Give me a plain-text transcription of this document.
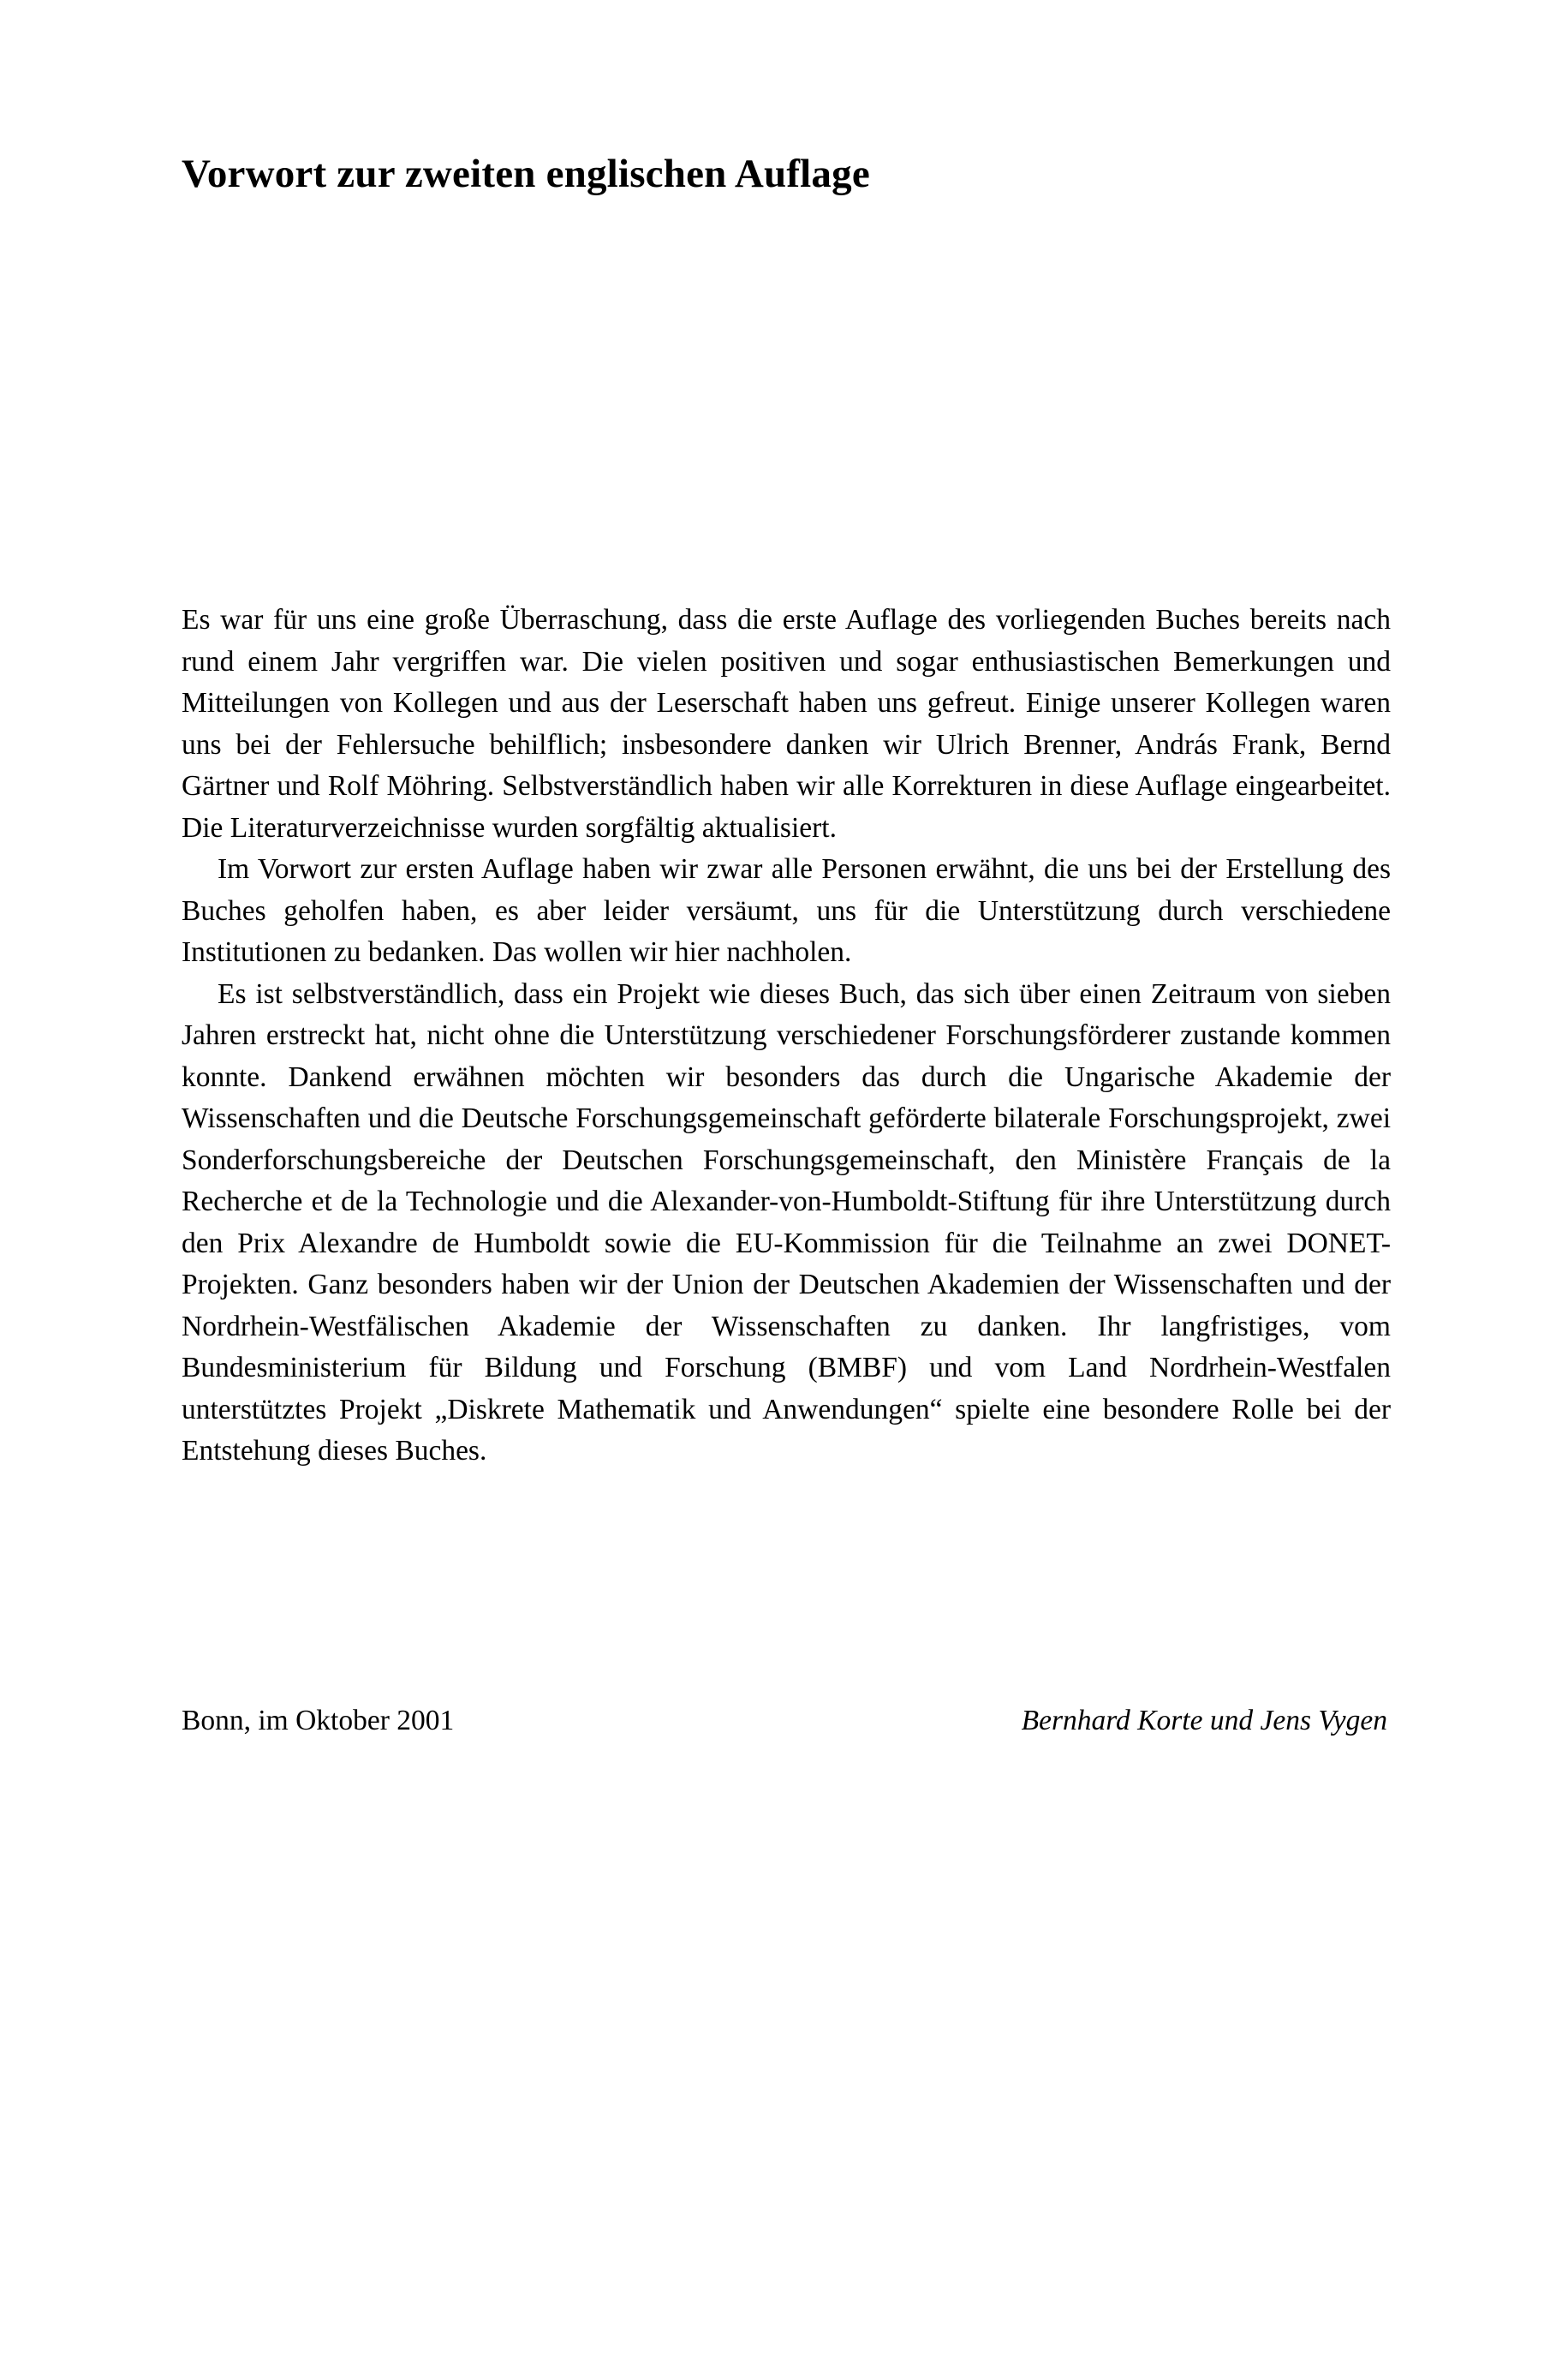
Vorwort zur zweiten englischen Auflage

Es war für uns eine große Überraschung, dass die erste Auflage des vorliegenden Buches bereits nach rund einem Jahr vergriffen war. Die vielen positiven und sogar enthusiastischen Bemerkungen und Mitteilungen von Kollegen und aus der Leserschaft haben uns gefreut. Einige unserer Kollegen waren uns bei der Fehlersuche behilflich; insbesondere danken wir Ulrich Brenner, András Frank, Bernd Gärtner und Rolf Möhring. Selbstverständlich haben wir alle Korrekturen in diese Auflage eingearbeitet. Die Literaturverzeichnisse wurden sorgfältig aktualisiert.

Im Vorwort zur ersten Auflage haben wir zwar alle Personen erwähnt, die uns bei der Erstellung des Buches geholfen haben, es aber leider versäumt, uns für die Unterstützung durch verschiedene Institutionen zu bedanken. Das wollen wir hier nachholen.

Es ist selbstverständlich, dass ein Projekt wie dieses Buch, das sich über einen Zeitraum von sieben Jahren erstreckt hat, nicht ohne die Unterstützung verschiedener Forschungsförderer zustande kommen konnte. Dankend erwähnen möchten wir besonders das durch die Ungarische Akademie der Wissenschaften und die Deutsche Forschungsgemeinschaft geförderte bilaterale Forschungsprojekt, zwei Sonderforschungsbereiche der Deutschen Forschungsgemeinschaft, den Ministère Français de la Recherche et de la Technologie und die Alexander-von-Humboldt-Stiftung für ihre Unterstützung durch den Prix Alexandre de Humboldt sowie die EU-Kommission für die Teilnahme an zwei DONET-Projekten. Ganz besonders haben wir der Union der Deutschen Akademien der Wissenschaften und der Nordrhein-Westfälischen Akademie der Wissenschaften zu danken. Ihr langfristiges, vom Bundesministerium für Bildung und Forschung (BMBF) und vom Land Nordrhein-Westfalen unterstütztes Projekt „Diskrete Mathematik und Anwendungen“ spielte eine besondere Rolle bei der Entstehung dieses Buches.

Bonn, im Oktober 2001	Bernhard Korte und Jens Vygen
